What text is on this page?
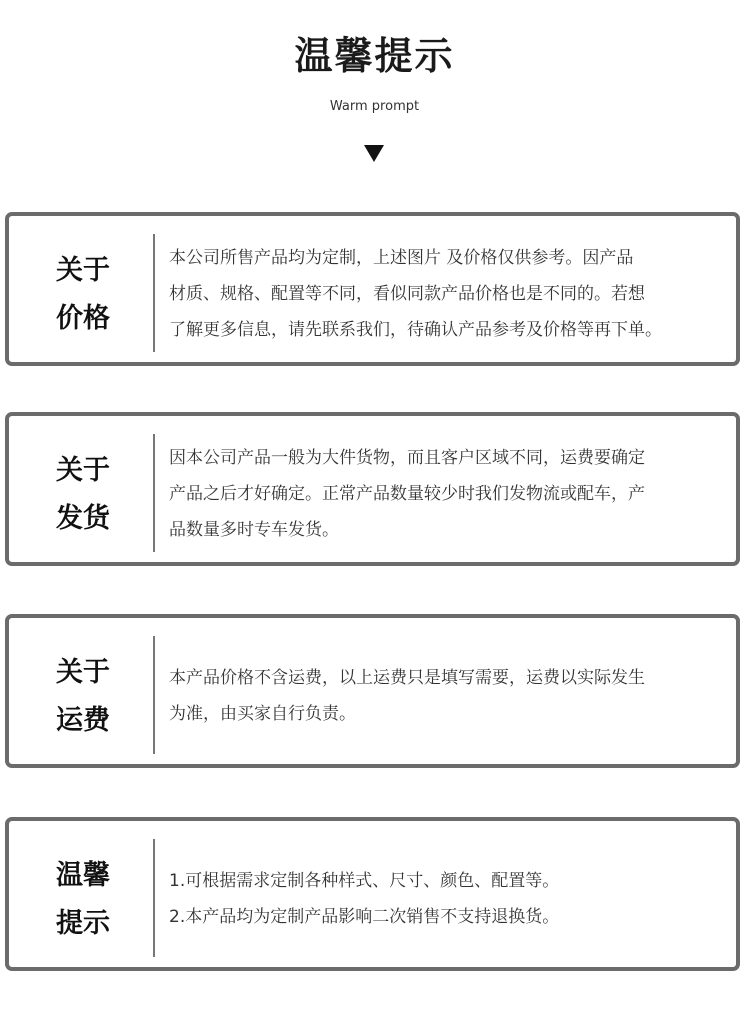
温馨提示
Warm prompt
关于
价格

本公司所售产品均为定制，上述图片 及价格仅供参考。因产品

材质、规格、配置等不同，看似同款产品价格也是不同的。若想

了解更多信息，请先联系我们，待确认产品参考及价格等再下单。

关于
发货

因本公司产品一般为大件货物，而且客户区域不同，运费要确定

产品之后才好确定。正常产品数量较少时我们发物流或配车，产

品数量多时专车发货。

关于
运费

本产品价格不含运费，以上运费只是填写需要，运费以实际发生

为准，由买家自行负责。

温馨
提示

1.可根据需求定制各种样式、尺寸、颜色、配置等。

2.本产品均为定制产品影响二次销售不支持退换货。
